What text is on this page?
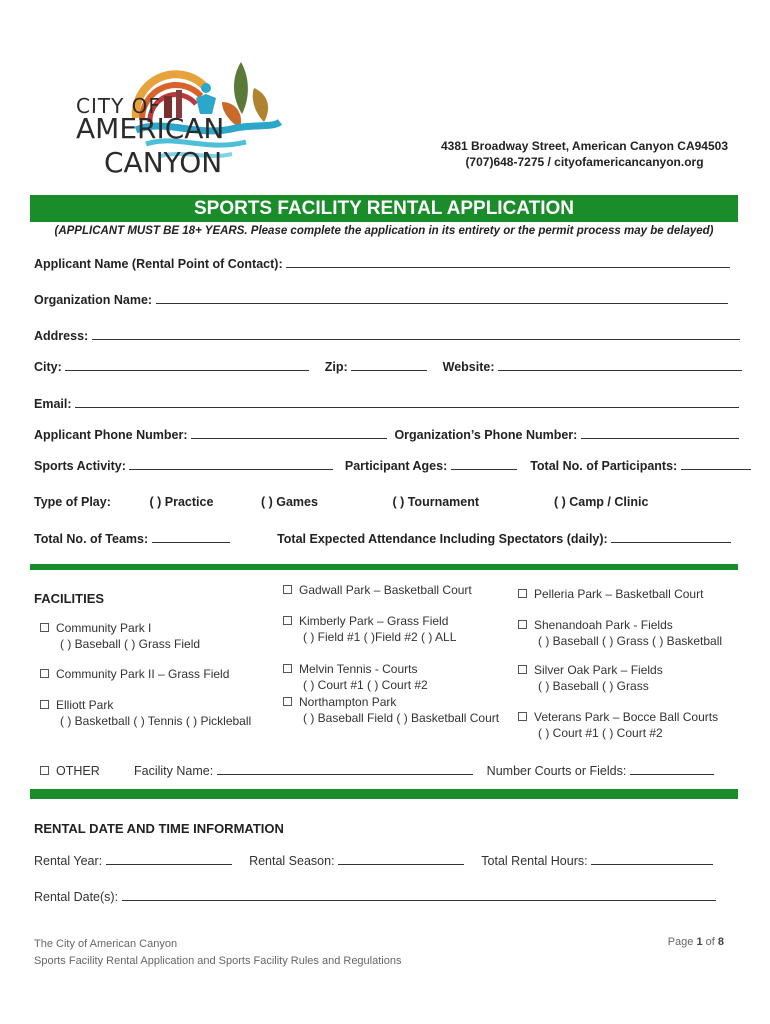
CITY OF
AMERICAN
CANYON	4381 Broadway Street, American Canyon CA94503
(707)648-7275 / cityofamericancanyon.org
SPORTS FACILITY RENTAL APPLICATION
(APPLICANT MUST BE 18+ YEARS. Please complete the application in its entirety or the permit process may be delayed)
Applicant Name (Rental Point of Contact):
Organization Name:
Address:
City:	Zip:	Website:
Email:
Applicant Phone Number:	Organization’s Phone Number:
Sports Activity:	Participant Ages:	Total No. of Participants:
Type of Play:	( ) Practice	( ) Games	( ) Tournament	( ) Camp / Clinic
Total No. of Teams:	Total Expected Attendance Including Spectators (daily):
FACILITIES
Community Park I
( ) Baseball ( ) Grass Field
Community Park II – Grass Field
Elliott Park
( ) Basketball ( ) Tennis ( ) Pickleball
Gadwall Park – Basketball Court
Kimberly Park – Grass Field
( ) Field #1 ( )Field #2 ( ) ALL
Melvin Tennis - Courts
( ) Court #1 ( ) Court #2
Northampton Park
( ) Baseball Field ( ) Basketball Court
Pelleria Park – Basketball Court
Shenandoah Park - Fields
( ) Baseball ( ) Grass ( ) Basketball
Silver Oak Park – Fields
( ) Baseball ( ) Grass
Veterans Park – Bocce Ball Courts
( ) Court #1 ( ) Court #2
OTHER	Facility Name:	Number Courts or Fields:
RENTAL DATE AND TIME INFORMATION
Rental Year:	Rental Season:	Total Rental Hours:
Rental Date(s):
The City of American Canyon
Sports Facility Rental Application and Sports Facility Rules and Regulations
Page 1 of 8
